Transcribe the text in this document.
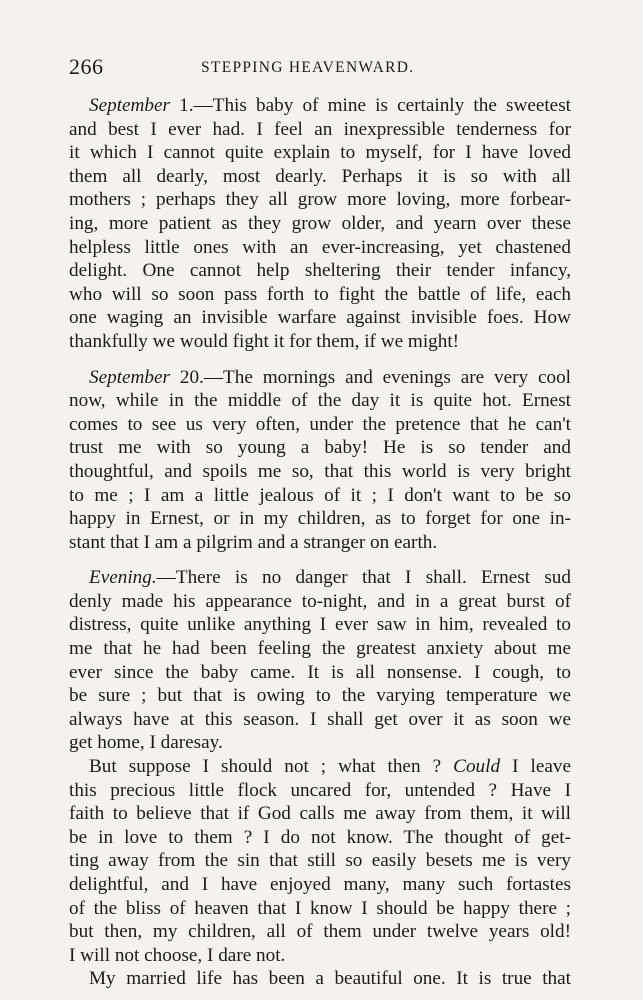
266	STEPPING HEAVENWARD.
September 1.—This baby of mine is certainly the sweetest
and best I ever had. I feel an inexpressible tenderness for
it which I cannot quite explain to myself, for I have loved
them all dearly, most dearly. Perhaps it is so with all
mothers ; perhaps they all grow more loving, more forbear-
ing, more patient as they grow older, and yearn over these
helpless little ones with an ever-increasing, yet chastened
delight. One cannot help sheltering their tender infancy,
who will so soon pass forth to fight the battle of life, each
one waging an invisible warfare against invisible foes. How
thankfully we would fight it for them, if we might!
September 20.—The mornings and evenings are very cool
now, while in the middle of the day it is quite hot. Ernest
comes to see us very often, under the pretence that he can't
trust me with so young a baby! He is so tender and
thoughtful, and spoils me so, that this world is very bright
to me ; I am a little jealous of it ; I don't want to be so
happy in Ernest, or in my children, as to forget for one in-
stant that I am a pilgrim and a stranger on earth.
Evening.—There is no danger that I shall. Ernest sud
denly made his appearance to-night, and in a great burst of
distress, quite unlike anything I ever saw in him, revealed to
me that he had been feeling the greatest anxiety about me
ever since the baby came. It is all nonsense. I cough, to
be sure ; but that is owing to the varying temperature we
always have at this season. I shall get over it as soon we
get home, I daresay.
But suppose I should not ; what then ? Could I leave
this precious little flock uncared for, untended ? Have I
faith to believe that if God calls me away from them, it will
be in love to them ? I do not know. The thought of get-
ting away from the sin that still so easily besets me is very
delightful, and I have enjoyed many, many such fortastes
of the bliss of heaven that I know I should be happy there ;
but then, my children, all of them under twelve years old!
I will not choose, I dare not.
My married life has been a beautiful one. It is true that
